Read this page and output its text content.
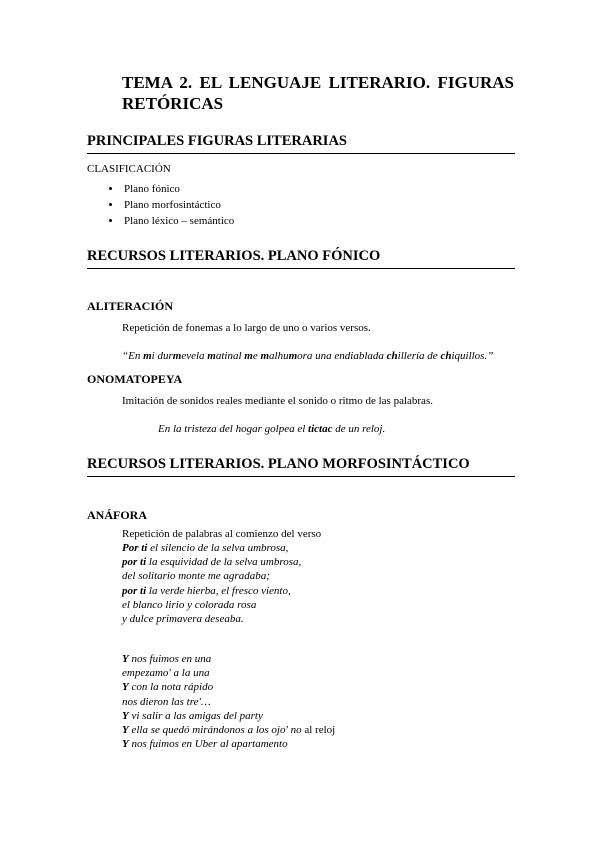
TEMA 2. EL LENGUAJE LITERARIO. FIGURAS RETÓRICAS
PRINCIPALES FIGURAS LITERARIAS
CLASIFICACIÓN
• Plano fónico
• Plano morfosintáctico
• Plano léxico – semántico
RECURSOS LITERARIOS. PLANO FÓNICO
ALITERACIÓN
Repetición de fonemas a lo largo de uno o varios versos.
“En mi durmevela matinal me malhumora una endiablada chillería de chiquillos.”
ONOMATOPEYA
Imitación de sonidos reales mediante el sonido o ritmo de las palabras.
En la tristeza del hogar golpea el tictac de un reloj.
RECURSOS LITERARIOS. PLANO MORFOSINTÁCTICO
ANÁFORA
Repetición de palabras al comienzo del verso
Por ti el silencio de la selva umbrosa,
por ti la esquividad de la selva umbrosa,
del solitario monte me agradaba;
por ti la verde hierba, el fresco viento,
el blanco lirio y colorada rosa
y dulce primavera deseaba.
Y nos fuimos en una
empezamo' a la una
Y con la nota rápido
nos dieron las tre'…
Y vi salir a las amigas del party
Y ella se quedó mirándonos a los ojo' no al reloj
Y nos fuimos en Uber al apartamento
